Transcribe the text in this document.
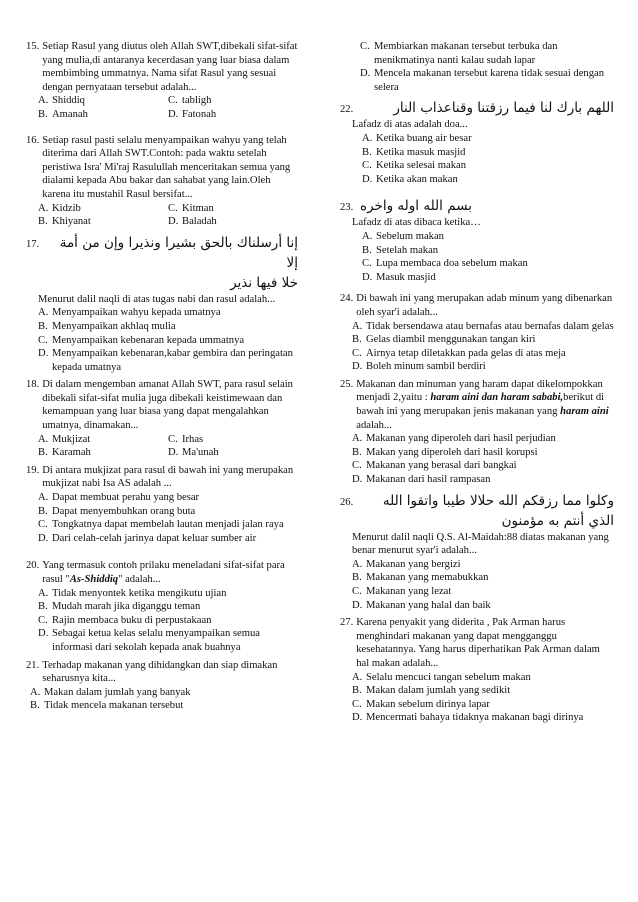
15. Setiap Rasul yang diutus oleh Allah SWT,dibekali sifat-sifat yang mulia,di antaranya kecerdasan yang luar biasa dalam membimbing ummatnya. Nama sifat Rasul yang sesuai dengan pernyataan tersebut adalah...
A. Shiddiq	C. tabligh
B. Amanah	D. Fatonah
16. Setiap rasul pasti selalu menyampaikan wahyu yang telah diterima dari Allah SWT.Contoh: pada waktu setelah peristiwa Isra' Mi'raj Rasulullah menceritakan semua yang dialami kepada Abu bakar dan sahabat yang lain.Oleh karena itu mustahil Rasul bersifat...
A. Kidzib	C. Kitman
B. Khiyanat	D. Baladah
17.	إنا أرسلناك بالحق بشيرا ونذيرا وإن من أمة إلا
خلا فيها نذير
Menurut dalil naqli di atas tugas nabi dan rasul adalah...
A. Menyampaikan wahyu kepada umatnya
B. Menyampaikan akhlaq mulia
C. Menyampaikan kebenaran kepada ummatnya
D. Menyampaikan kebenaran,kabar gembira dan peringatan kepada umatnya
18. Di dalam mengemban amanat Allah SWT, para rasul selain dibekali sifat-sifat mulia juga dibekali keistimewaan dan kemampuan yang luar biasa yang dapat mengalahkan umatnya, dinamakan...
A. Mukjizat	C. Irhas
B. Karamah	D. Ma'unah
19. Di antara mukjizat para rasul di bawah ini yang merupakan mukjizat nabi Isa AS adalah ...
A. Dapat membuat perahu yang besar
B. Dapat menyembuhkan orang buta
C. Tongkatnya dapat membelah lautan menjadi jalan raya
D. Dari celah-celah jarinya dapat keluar sumber air
20. Yang termasuk contoh prilaku meneladani sifat-sifat para rasul "As-Shiddiq" adalah...
A. Tidak menyontek ketika mengikutu ujian
B. Mudah marah jika diganggu teman
C. Rajin membaca buku di perpustakaan
D. Sebagai ketua kelas selalu menyampaikan semua informasi dari sekolah kepada anak buahnya
21. Terhadap makanan yang dihidangkan dan siap dimakan seharusnya kita...
A. Makan dalam jumlah yang banyak
B. Tidak mencela makanan tersebut
C. Membiarkan makanan tersebut terbuka dan menikmatinya nanti kalau sudah lapar
D. Mencela makanan tersebut karena tidak sesuai dengan selera
22.	اللهم بارك لنا فيما رزقتنا وقناعذاب النار
Lafadz di atas adalah doa...
A. Ketika buang air besar
B. Ketika masuk masjid
C. Ketika selesai makan
D. Ketika akan makan
23. بسم الله اوله واخره
Lafadz di atas dibaca ketika…
A. Sebelum makan
B. Setelah makan
C. Lupa membaca doa sebelum makan
D. Masuk masjid
24. Di bawah ini yang merupakan adab minum yang dibenarkan oleh syar'i adalah...
A. Tidak bersendawa atau bernafas atau bernafas dalam gelas
B. Gelas diambil menggunakan tangan kiri
C. Airnya tetap diletakkan pada gelas di atas meja
D. Boleh minum sambil berdiri
25. Makanan dan minuman yang haram dapat dikelompokkan menjadi 2,yaitu : haram aini dan haram sababi,berikut di bawah ini yang merupakan jenis makanan yang haram aini adalah...
A. Makanan yang diperoleh dari hasil perjudian
B. Makan yang diperoleh dari hasil korupsi
C. Makanan yang berasal dari bangkai
D. Makanan dari hasil rampasan
26.	وكلوا مما رزقكم الله حلالا طيبا واتقوا الله
الذي أنتم به مؤمنون
Menurut dalil naqli Q.S. Al-Maidah:88 diatas makanan yang benar menurut syar'i adalah...
A. Makanan yang bergizi
B. Makanan yang memabukkan
C. Makanan yang lezat
D. Makanan yang halal dan baik
27. Karena penyakit yang diderita , Pak Arman harus menghindari makanan yang dapat mengganggu kesehatannya. Yang harus diperhatikan Pak Arman dalam hal makan adalah...
A. Selalu mencuci tangan sebelum makan
B. Makan dalam jumlah yang sedikit
C. Makan sebelum dirinya lapar
D. Mencermati bahaya tidaknya makanan bagi dirinya
